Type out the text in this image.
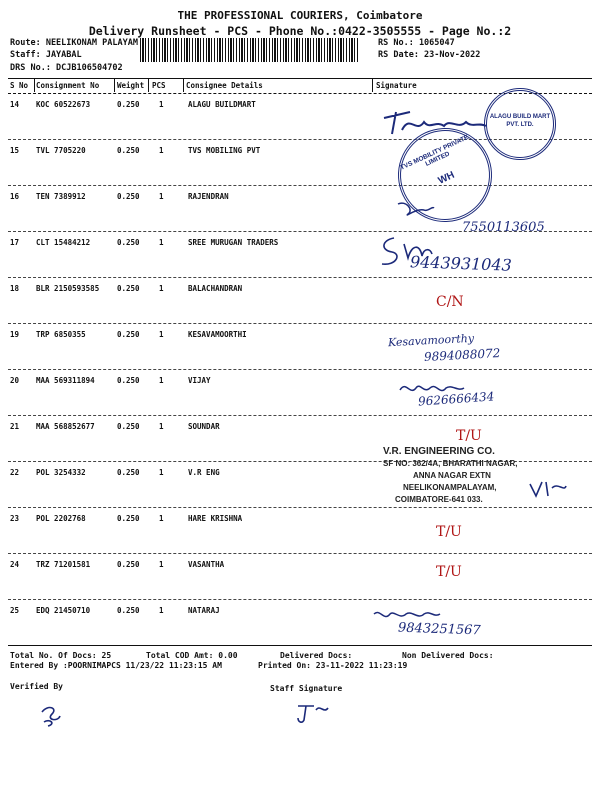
THE PROFESSIONAL COURIERS, Coimbatore
Delivery Runsheet - PCS - Phone No.:0422-3505555 - Page No.:2
Route: NEELIKONAM PALAYAM
Staff: JAYABAL
DRS No.: DCJB106504702
RS No.: 1065047
RS Date: 23-Nov-2022
S No Consignment No Weight PCS	Consignee Details	Signature
14 KOC 60522673	0.250	1	ALAGU BUILDMART
15 TVL 7705220	0.250	1	TVS MOBILING PVT
16 TEN 7389912	0.250	1	RAJENDRAN
17 CLT 15484212	0.250	1	SREE MURUGAN TRADERS
18 BLR 2150593585 0.250	1	BALACHANDRAN
19 TRP 6850355	0.250	1	KESAVAMOORTHI
20 MAA 569311894	0.250	1	VIJAY
21 MAA 568852677	0.250	1	SOUNDAR
22 POL 3254332	0.250	1	V.R ENG
23 POL 2202768	0.250	1	HARE KRISHNA
24 TRZ 71201581	0.250	1	VASANTHA
25 EDQ 21450710	0.250	1	NATARAJ
ALAGU BUILD MART PVT. LTD.
TVS MOBILITY PRIVATE LIMITED
WH
7550113605
9443931043
C/N
Kesavamoorthy
9894088072
9626666434
T/U
V.R. ENGINEERING CO.
SF NO: 362/4A, BHARATHI NAGAR,
ANNA NAGAR EXTN
NEELIKONAMPALAYAM,
COIMBATORE-641 033.
T/U
T/U
9843251567
Total No. Of Docs: 25	Total COD Amt: 0.00	Delivered Docs:	Non Delivered Docs:
Entered By :POORNIMAPCS 11/23/22 11:23:15 AM	Printed On: 23-11-2022 11:23:19
Verified By	Staff Signature
